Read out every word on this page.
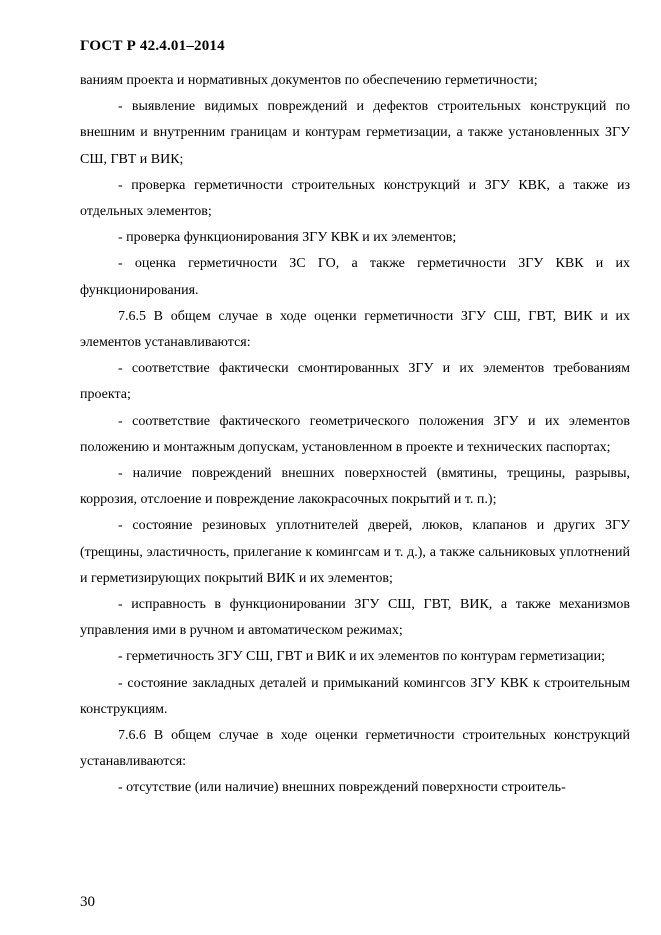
ГОСТ Р 42.4.01–2014

ваниям проекта и нормативных документов по обеспечению герметичности;

- выявление видимых повреждений и дефектов строительных конструкций по внешним и внутренним границам и контурам герметизации, а также установленных ЗГУ СШ, ГВТ и ВИК;

- проверка герметичности строительных конструкций и ЗГУ КВК, а также из отдельных элементов;

- проверка функционирования ЗГУ КВК и их элементов;

- оценка герметичности ЗС ГО, а также герметичности ЗГУ КВК и их функционирования.

7.6.5 В общем случае в ходе оценки герметичности ЗГУ СШ, ГВТ, ВИК и их элементов устанавливаются:

- соответствие фактически смонтированных ЗГУ и их элементов требованиям проекта;

- соответствие фактического геометрического положения ЗГУ и их элементов положению и монтажным допускам, установленном в проекте и технических паспортах;

- наличие повреждений внешних поверхностей (вмятины, трещины, разрывы, коррозия, отслоение и повреждение лакокрасочных покрытий и т. п.);

- состояние резиновых уплотнителей дверей, люков, клапанов и других ЗГУ (трещины, эластичность, прилегание к комингсам и т. д.), а также сальниковых уплотнений и герметизирующих покрытий ВИК и их элементов;

- исправность в функционировании ЗГУ СШ, ГВТ, ВИК, а также механизмов управления ими в ручном и автоматическом режимах;

- герметичность ЗГУ СШ, ГВТ и ВИК и их элементов по контурам герметизации;

- состояние закладных деталей и примыканий комингсов ЗГУ КВК к строительным конструкциям.

7.6.6 В общем случае в ходе оценки герметичности строительных конструкций устанавливаются:

- отсутствие (или наличие) внешних повреждений поверхности строитель-

30
